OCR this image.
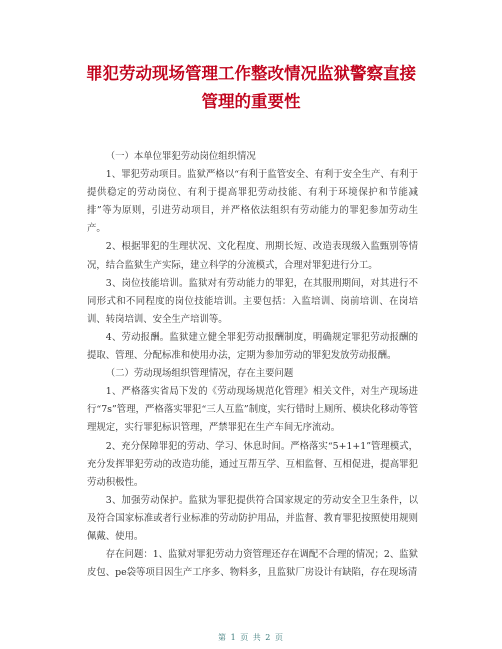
罪犯劳动现场管理工作整改情况监狱警察直接
管理的重要性

（一）本单位罪犯劳动岗位组织情况

1、罪犯劳动项目。监狱严格以“有利于监管安全、有利于安全生产、有利于提供稳定的劳动岗位、有利于提高罪犯劳动技能、有利于环境保护和节能减排”等为原则，引进劳动项目，并严格依法组织有劳动能力的罪犯参加劳动生产。

2、根据罪犯的生理状况、文化程度、刑期长短、改造表现级入监甄别等情况，结合监狱生产实际，建立科学的分流模式，合理对罪犯进行分工。

3、岗位技能培训。监狱对有劳动能力的罪犯，在其服刑期间，对其进行不同形式和不同程度的岗位技能培训。主要包括：入监培训、岗前培训、在岗培训、转岗培训、安全生产培训等。

4、劳动报酬。监狱建立健全罪犯劳动报酬制度，明确规定罪犯劳动报酬的提取、管理、分配标准和使用办法，定期为参加劳动的罪犯发放劳动报酬。

（二）劳动现场组织管理情况，存在主要问题

1、严格落实省局下发的《劳动现场规范化管理》相关文件，对生产现场进行“7s”管理，严格落实罪犯“三人互监”制度，实行错时上厕所、模块化移动等管理规定，实行罪犯标识管理，严禁罪犯在生产车间无序流动。

2、充分保障罪犯的劳动、学习、休息时间。严格落实“5+1+1”管理模式，充分发挥罪犯劳动的改造功能，通过互帮互学、互相监督、互相促进，提高罪犯劳动积极性。

3、加强劳动保护。监狱为罪犯提供符合国家规定的劳动安全卫生条件，以及符合国家标准或者行业标准的劳动防护用品，并监督、教育罪犯按照使用规则佩戴、使用。

存在问题：1、监狱对罪犯劳动力资管理还存在调配不合理的情况；2、监狱皮包、pe袋等项目因生产工序多、物料多，且监狱厂房设计有缺陷，存在现场清

第 1 页 共 2 页
